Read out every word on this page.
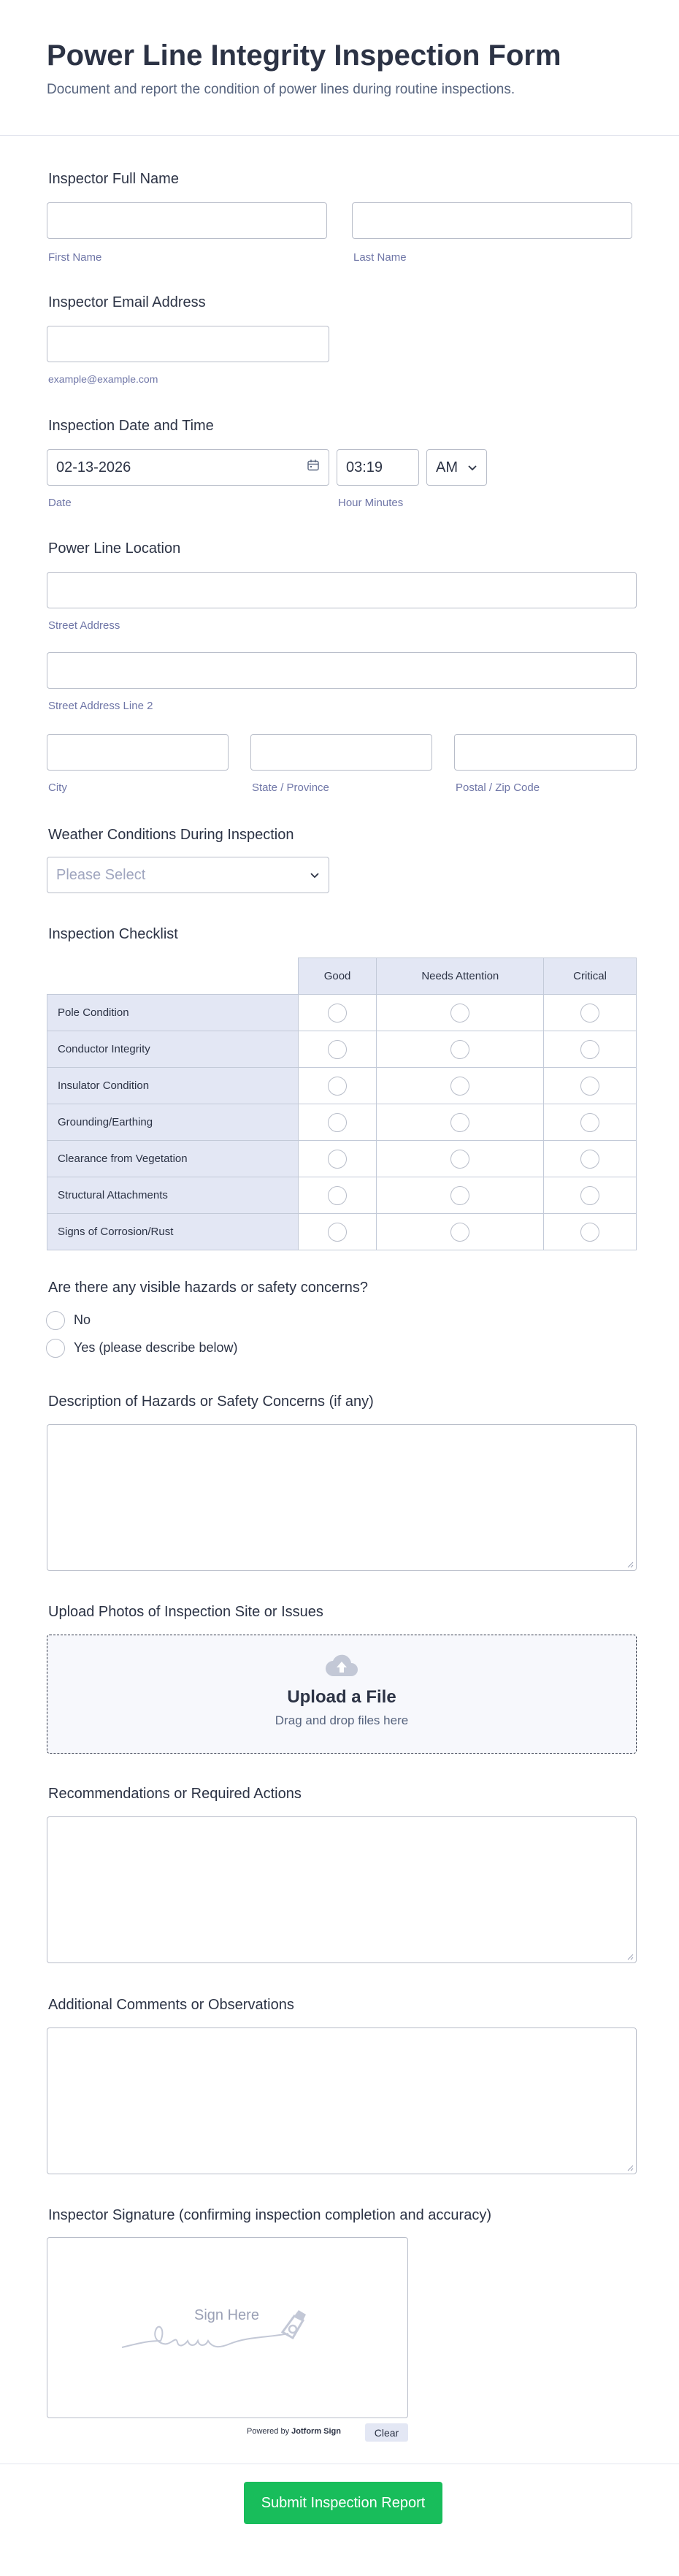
Power Line Integrity Inspection Form

Document and report the condition of power lines during routine inspections.

Inspector Full Name
First Name	Last Name
Inspector Email Address
example@example.com
Inspection Date and Time
02-13-2026	03:19	AM
Date	Hour Minutes
Power Line Location
Street Address
Street Address Line 2
City	State / Province	Postal / Zip Code
Weather Conditions During Inspection
Please Select
Inspection Checklist
	Good	Needs Attention	Critical
Pole Condition	

Conductor Integrity	

Insulator Condition	

Grounding/Earthing	

Clearance from Vegetation	

Structural Attachments	

Signs of Corrosion/Rust	

Are there any visible hazards or safety concerns?
No
Yes (please describe below)
Description of Hazards or Safety Concerns (if any)
Upload Photos of Inspection Site or Issues
Upload a File
Drag and drop files here
Recommendations or Required Actions
Additional Comments or Observations
Inspector Signature (confirming inspection completion and accuracy)
Sign Here
Powered by Jotform Sign	Clear
Submit Inspection Report
